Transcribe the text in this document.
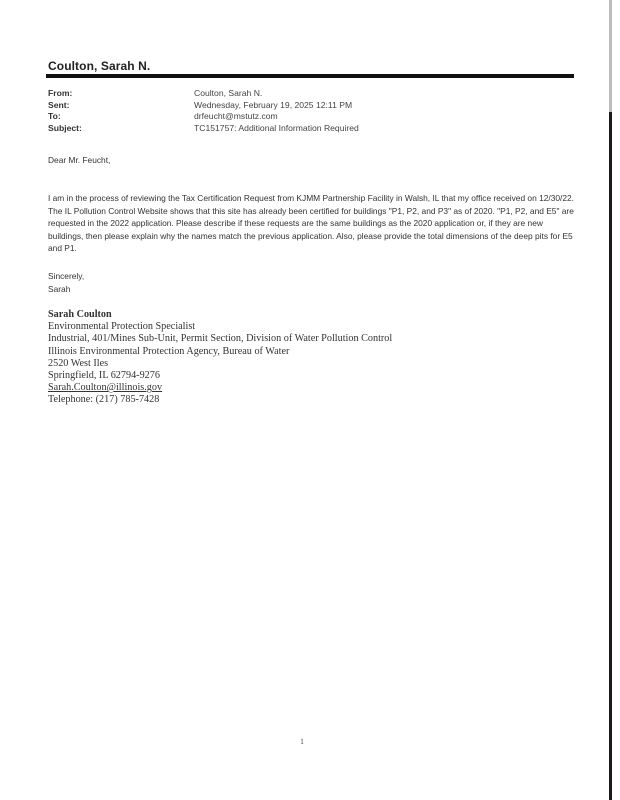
Coulton, Sarah N.
From:	Coulton, Sarah N.
Sent:	Wednesday, February 19, 2025 12:11 PM
To:	drfeucht@mstutz.com
Subject:	TC151757: Additional Information Required
Dear Mr. Feucht,
I am in the process of reviewing the Tax Certification Request from KJMM Partnership Facility in Walsh, IL that my office received on 12/30/22. The IL Pollution Control Website shows that this site has already been certified for buildings "P1, P2, and P3" as of 2020. "P1, P2, and E5" are requested in the 2022 application. Please describe if these requests are the same buildings as the 2020 application or, if they are new buildings, then please explain why the names match the previous application. Also, please provide the total dimensions of the deep pits for E5 and P1.
Sincerely,
Sarah
Sarah Coulton
Environmental Protection Specialist
Industrial, 401/Mines Sub-Unit, Permit Section, Division of Water Pollution Control
Illinois Environmental Protection Agency, Bureau of Water
2520 West Iles
Springfield, IL 62794-9276
Sarah.Coulton@illinois.gov
Telephone: (217) 785-7428
1
